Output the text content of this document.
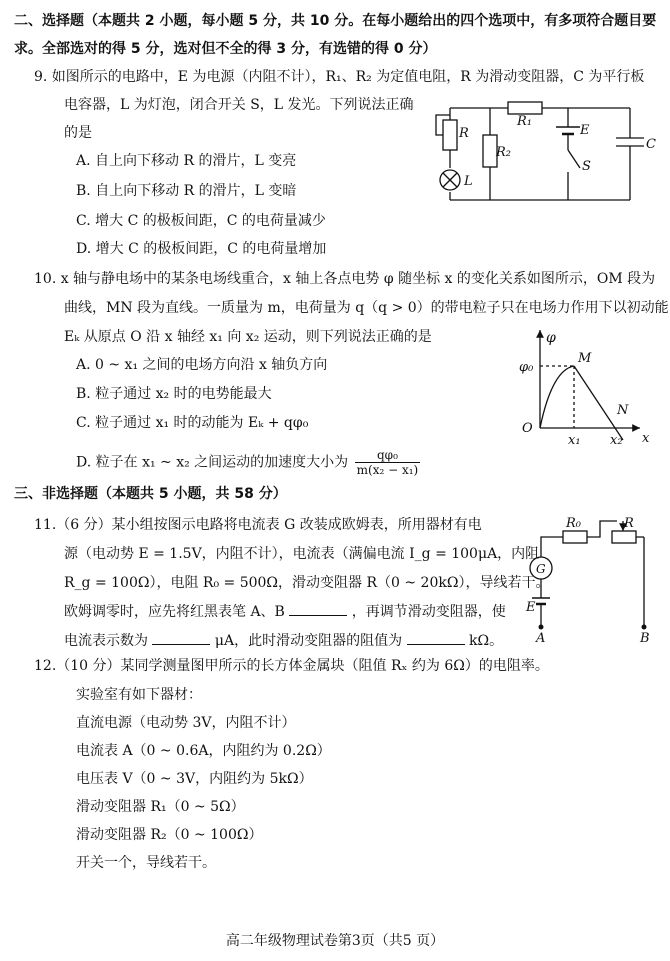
二、选择题（本题共 2 小题，每小题 5 分，共 10 分。在每小题给出的四个选项中，有多项符合题目要
求。全部选对的得 5 分，选对但不全的得 3 分，有选错的得 0 分）
9. 如图所示的电路中，E 为电源（内阻不计），R₁、R₂ 为定值电阻，R 为滑动变阻器，C 为平行板
电容器，L 为灯泡，闭合开关 S，L 发光。下列说法正确
的是
A. 自上向下移动 R 的滑片，L 变亮
B. 自上向下移动 R 的滑片，L 变暗
C. 增大 C 的极板间距，C 的电荷量减少
D. 增大 C 的极板间距，C 的电荷量增加
R
L
R₂
R₁
E
S
C
10. x 轴与静电场中的某条电场线重合，x 轴上各点电势 φ 随坐标 x 的变化关系如图所示，OM 段为
曲线，MN 段为直线。一质量为 m，电荷量为 q（q > 0）的带电粒子只在电场力作用下以初动能
Eₖ 从原点 O 沿 x 轴经 x₁ 向 x₂ 运动，则下列说法正确的是
A. 0 ~ x₁ 之间的电场方向沿 x 轴负方向
B. 粒子通过 x₂ 时的电势能最大
C. 粒子通过 x₁ 时的动能为 Eₖ + qφ₀
D. 粒子在 x₁ ~ x₂ 之间运动的加速度大小为 $\frac{\text{qφ₀}}{\text{m(x₂ − x₁)}}$
φ
φ₀
M
N
O
x₁ x₂ x
三、非选择题（本题共 5 小题，共 58 分）
11.（6 分）某小组按图示电路将电流表 G 改装成欧姆表，所用器材有电
源（电动势 E = 1.5V，内阻不计），电流表（满偏电流 I_g = 100μA，内阻
R_g = 100Ω），电阻 R₀ = 500Ω，滑动变阻器 R（0 ~ 20kΩ），导线若干。
欧姆调零时，应先将红黑表笔 A、B	，再调节滑动变阻器，使
电流表示数为	μA，此时滑动变阻器的阻值为	kΩ。
R₀	R
G
E
A	B
12.（10 分）某同学测量图甲所示的长方体金属块（阻值 Rₓ 约为 6Ω）的电阻率。
实验室有如下器材：
直流电源（电动势 3V，内阻不计）
电流表 A（0 ~ 0.6A，内阻约为 0.2Ω）
电压表 V（0 ~ 3V，内阻约为 5kΩ）
滑动变阻器 R₁（0 ~ 5Ω）
滑动变阻器 R₂（0 ~ 100Ω）
开关一个，导线若干。
高二年级物理试卷第3页（共5 页）
